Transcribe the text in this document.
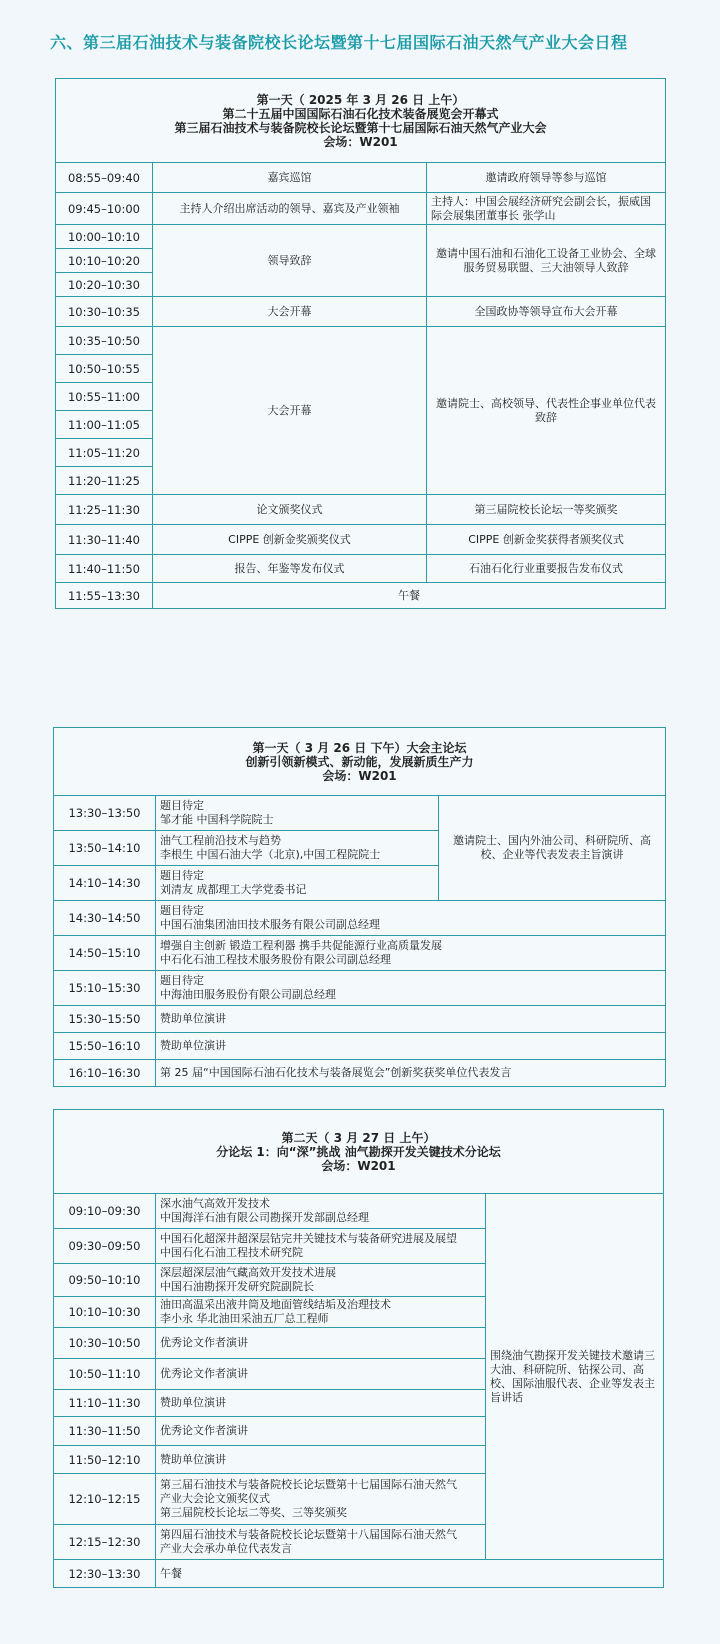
六、第三届石油技术与装备院校长论坛暨第十七届国际石油天然气产业大会日程
第一天（ 2025 年 3 月 26 日 上午）
第二十五届中国国际石油石化技术装备展览会开幕式
第三届石油技术与装备院校长论坛暨第十七届国际石油天然气产业大会
会场：W201		

08:55–09:40	嘉宾巡馆	邀请政府领导等参与巡馆
09:45–10:00	主持人介绍出席活动的领导、嘉宾及产业领袖	主持人：中国会展经济研究会副会长，振威国际会展集团董事长 张学山
10:00–10:10	领导致辞	邀请中国石油和石油化工设备工业协会、全球服务贸易联盟、三大油领导人致辞
10:10–10:20		
10:20–10:30		
10:30–10:35	大会开幕	全国政协等领导宣布大会开幕
10:35–10:50	大会开幕	邀请院士、高校领导、代表性企事业单位代表致辞
10:50–10:55		
10:55–11:00		
11:00–11:05		
11:05–11:20		
11:20–11:25		
11:25–11:30	论文颁奖仪式	第三届院校长论坛一等奖颁奖
11:30–11:40	CIPPE 创新金奖颁奖仪式	CIPPE 创新金奖获得者颁奖仪式
11:40–11:50	报告、年鉴等发布仪式	石油石化行业重要报告发布仪式
11:55–13:30	午餐	
第一天（ 3 月 26 日 下午）大会主论坛
创新引领新模式、新动能，发展新质生产力
会场：W201		

13:30–13:50	题目待定
邹才能 中国科学院院士	邀请院士、国内外油公司、科研院所、高校、企业等代表发表主旨演讲
13:50–14:10	油气工程前沿技术与趋势
李根生 中国石油大学（北京),中国工程院院士	

14:10–14:30	题目待定
刘清友 成都理工大学党委书记	

14:30–14:50	题目待定
中国石油集团油田技术服务有限公司副总经理	

14:50–15:10	增强自主创新 锻造工程利器 携手共促能源行业高质量发展
中石化石油工程技术服务股份有限公司副总经理	

15:10–15:30	题目待定
中海油田服务股份有限公司副总经理	

15:30–15:50	赞助单位演讲	
15:50–16:10	赞助单位演讲	
16:10–16:30	第 25 届“中国国际石油石化技术与装备展览会”创新奖获奖单位代表发言	
第二天（ 3 月 27 日 上午）
分论坛 1：向“深”挑战 油气勘探开发关键技术分论坛
会场：W201		

09:10–09:30	深水油气高效开发技术
中国海洋石油有限公司勘探开发部副总经理	围绕油气勘探开发关键技术邀请三大油、科研院所、钻探公司、高校、国际油服代表、企业等发表主旨讲话
09:30–09:50	中国石化超深井超深层钻完井关键技术与装备研究进展及展望
中国石化石油工程技术研究院	

09:50–10:10	深层超深层油气藏高效开发技术进展
中国石油勘探开发研究院副院长	

10:10–10:30	油田高温采出液井筒及地面管线结垢及治理技术
李小永 华北油田采油五厂总工程师	

10:30–10:50	优秀论文作者演讲	
10:50–11:10	优秀论文作者演讲	
11:10–11:30	赞助单位演讲	
11:30–11:50	优秀论文作者演讲	
11:50–12:10	赞助单位演讲	
12:10–12:15	第三届石油技术与装备院校长论坛暨第十七届国际石油天然气
产业大会论文颁奖仪式
第三届院校长论坛二等奖、三等奖颁奖	

12:15–12:30	第四届石油技术与装备院校长论坛暨第十八届国际石油天然气
产业大会承办单位代表发言	

12:30–13:30	午餐	
